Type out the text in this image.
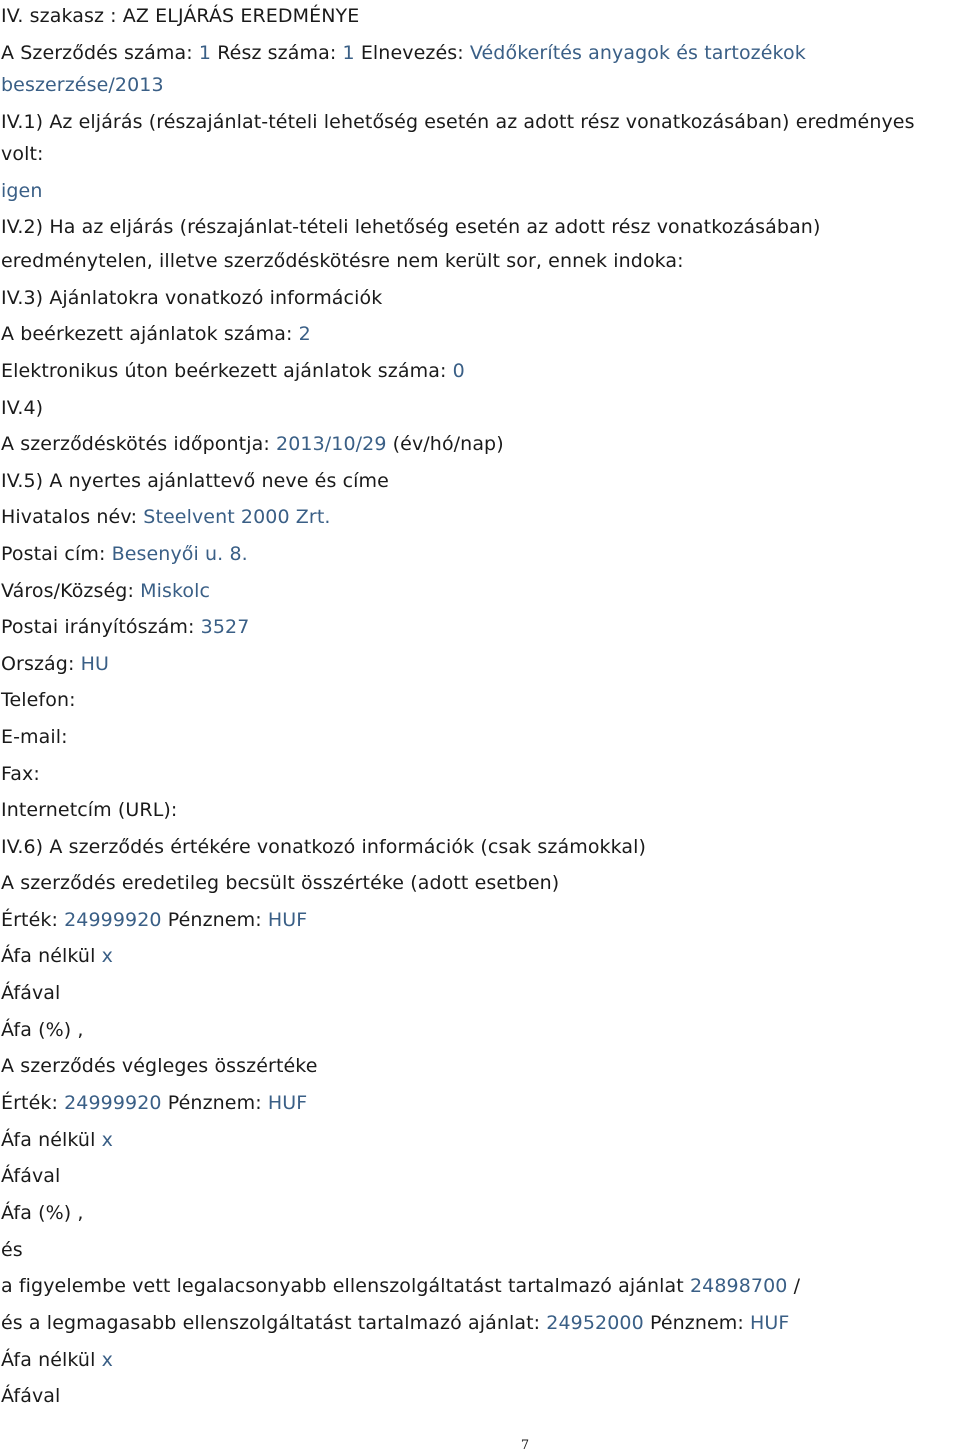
IV. szakasz : AZ ELJÁRÁS EREDMÉNYE
A Szerződés száma: 1 Rész száma: 1 Elnevezés: Védőkerítés anyagok és tartozékok
beszerzése/2013
IV.1) Az eljárás (részajánlat-tételi lehetőség esetén az adott rész vonatkozásában) eredményes
volt:
igen
IV.2) Ha az eljárás (részajánlat-tételi lehetőség esetén az adott rész vonatkozásában)
eredménytelen, illetve szerződéskötésre nem került sor, ennek indoka:
IV.3) Ajánlatokra vonatkozó információk
A beérkezett ajánlatok száma: 2
Elektronikus úton beérkezett ajánlatok száma: 0
IV.4)
A szerződéskötés időpontja: 2013/10/29 (év/hó/nap)
IV.5) A nyertes ajánlattevő neve és címe
Hivatalos név: Steelvent 2000 Zrt.
Postai cím: Besenyői u. 8.
Város/Község: Miskolc
Postai irányítószám: 3527
Ország: HU
Telefon:
E-mail:
Fax:
Internetcím (URL):
IV.6) A szerződés értékére vonatkozó információk (csak számokkal)
A szerződés eredetileg becsült összértéke (adott esetben)
Érték: 24999920 Pénznem: HUF
Áfa nélkül x
Áfával
Áfa (%) ,
A szerződés végleges összértéke
Érték: 24999920 Pénznem: HUF
Áfa nélkül x
Áfával
Áfa (%) ,
és
a figyelembe vett legalacsonyabb ellenszolgáltatást tartalmazó ajánlat 24898700 /
és a legmagasabb ellenszolgáltatást tartalmazó ajánlat: 24952000 Pénznem: HUF
Áfa nélkül x
Áfával
7
